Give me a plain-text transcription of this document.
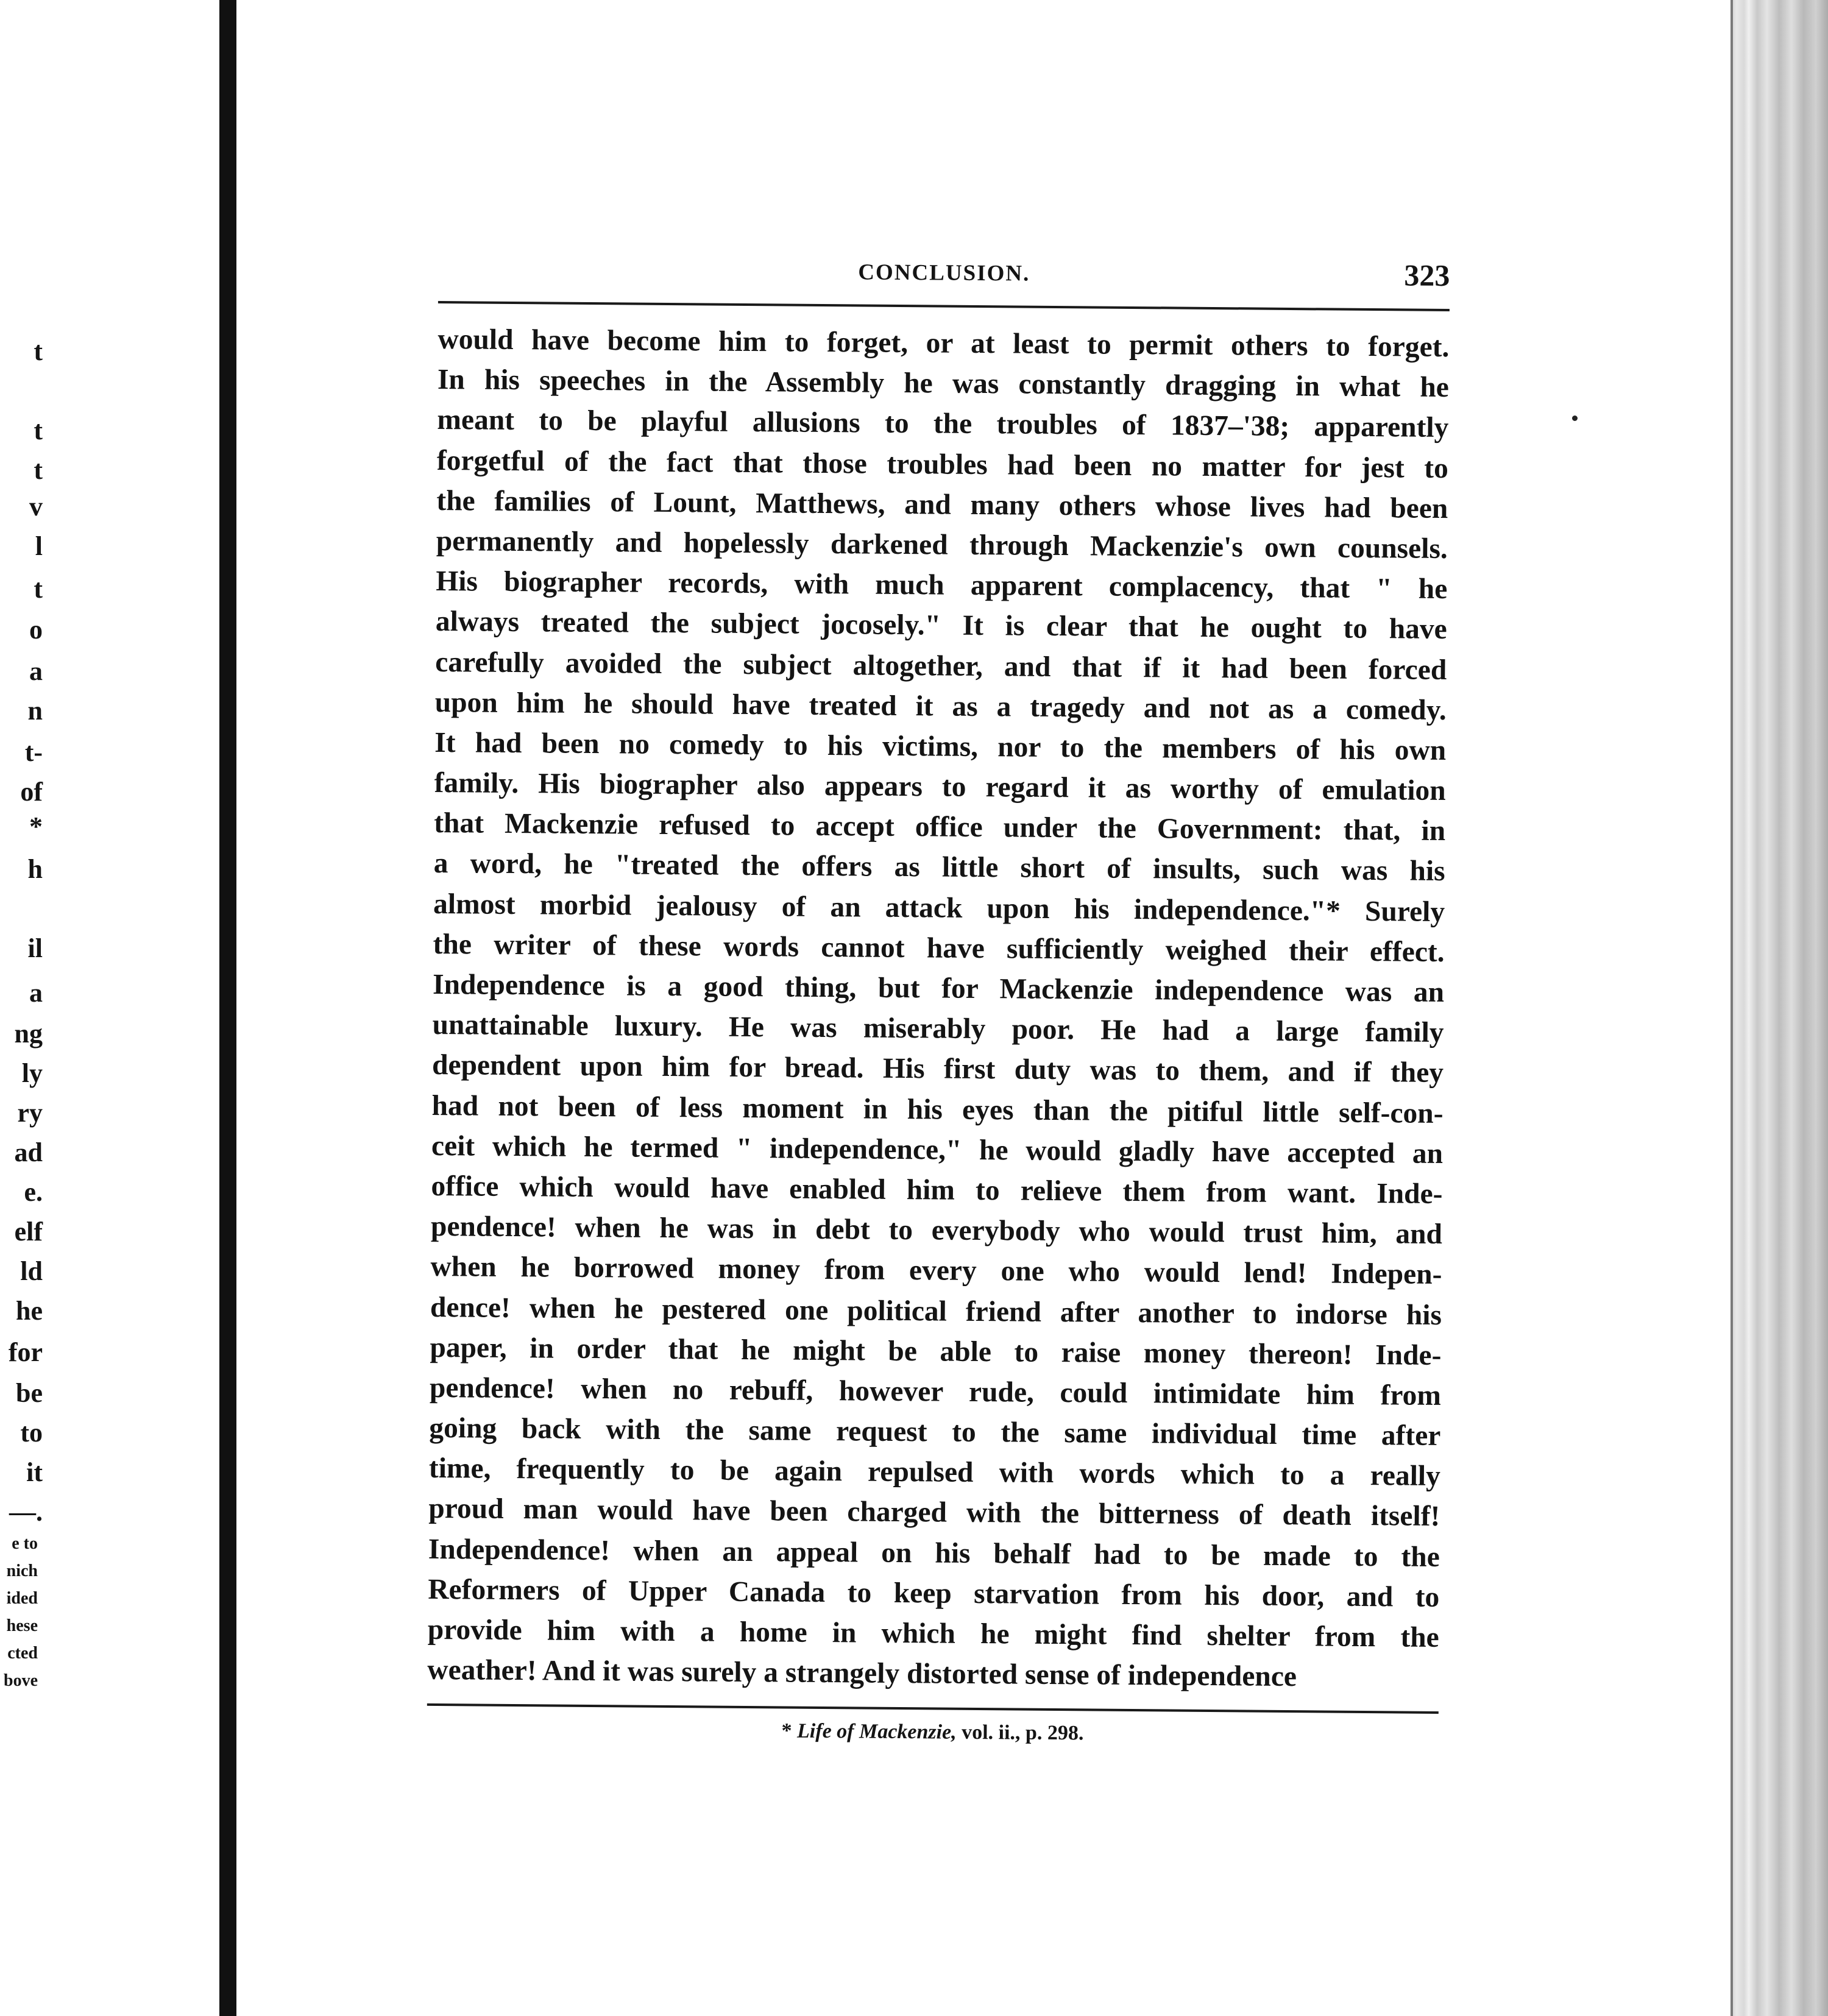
t
t
t
v
l
t
o
a
n
t-
of
*
h
il
a
ng
ly
ry
ad
e.
elf
ld
he
for
be
to
it
—.
e to
nich
ided
hese
cted
bove
CONCLUSION.	323
would have become him to forget, or at least to permit others to forget.
In his speeches in the Assembly he was constantly dragging in what he
meant to be playful allusions to the troubles of 1837–'38; apparently
forgetful of the fact that those troubles had been no matter for jest to
the families of Lount, Matthews, and many others whose lives had been
permanently and hopelessly darkened through Mackenzie's own counsels.
His biographer records, with much apparent complacency, that " he
always treated the subject jocosely." It is clear that he ought to have
carefully avoided the subject altogether, and that if it had been forced
upon him he should have treated it as a tragedy and not as a comedy.
It had been no comedy to his victims, nor to the members of his own
family. His biographer also appears to regard it as worthy of emulation
that Mackenzie refused to accept office under the Government: that, in
a word, he "treated the offers as little short of insults, such was his
almost morbid jealousy of an attack upon his independence."* Surely
the writer of these words cannot have sufficiently weighed their effect.
Independence is a good thing, but for Mackenzie independence was an
unattainable luxury. He was miserably poor. He had a large family
dependent upon him for bread. His first duty was to them, and if they
had not been of less moment in his eyes than the pitiful little self-con-
ceit which he termed " independence," he would gladly have accepted an
office which would have enabled him to relieve them from want. Inde-
pendence! when he was in debt to everybody who would trust him, and
when he borrowed money from every one who would lend! Indepen-
dence! when he pestered one political friend after another to indorse his
paper, in order that he might be able to raise money thereon! Inde-
pendence! when no rebuff, however rude, could intimidate him from
going back with the same request to the same individual time after
time, frequently to be again repulsed with words which to a really
proud man would have been charged with the bitterness of death itself!
Independence! when an appeal on his behalf had to be made to the
Reformers of Upper Canada to keep starvation from his door, and to
provide him with a home in which he might find shelter from the
weather! And it was surely a strangely distorted sense of independence
* Life of Mackenzie, vol. ii., p. 298.
